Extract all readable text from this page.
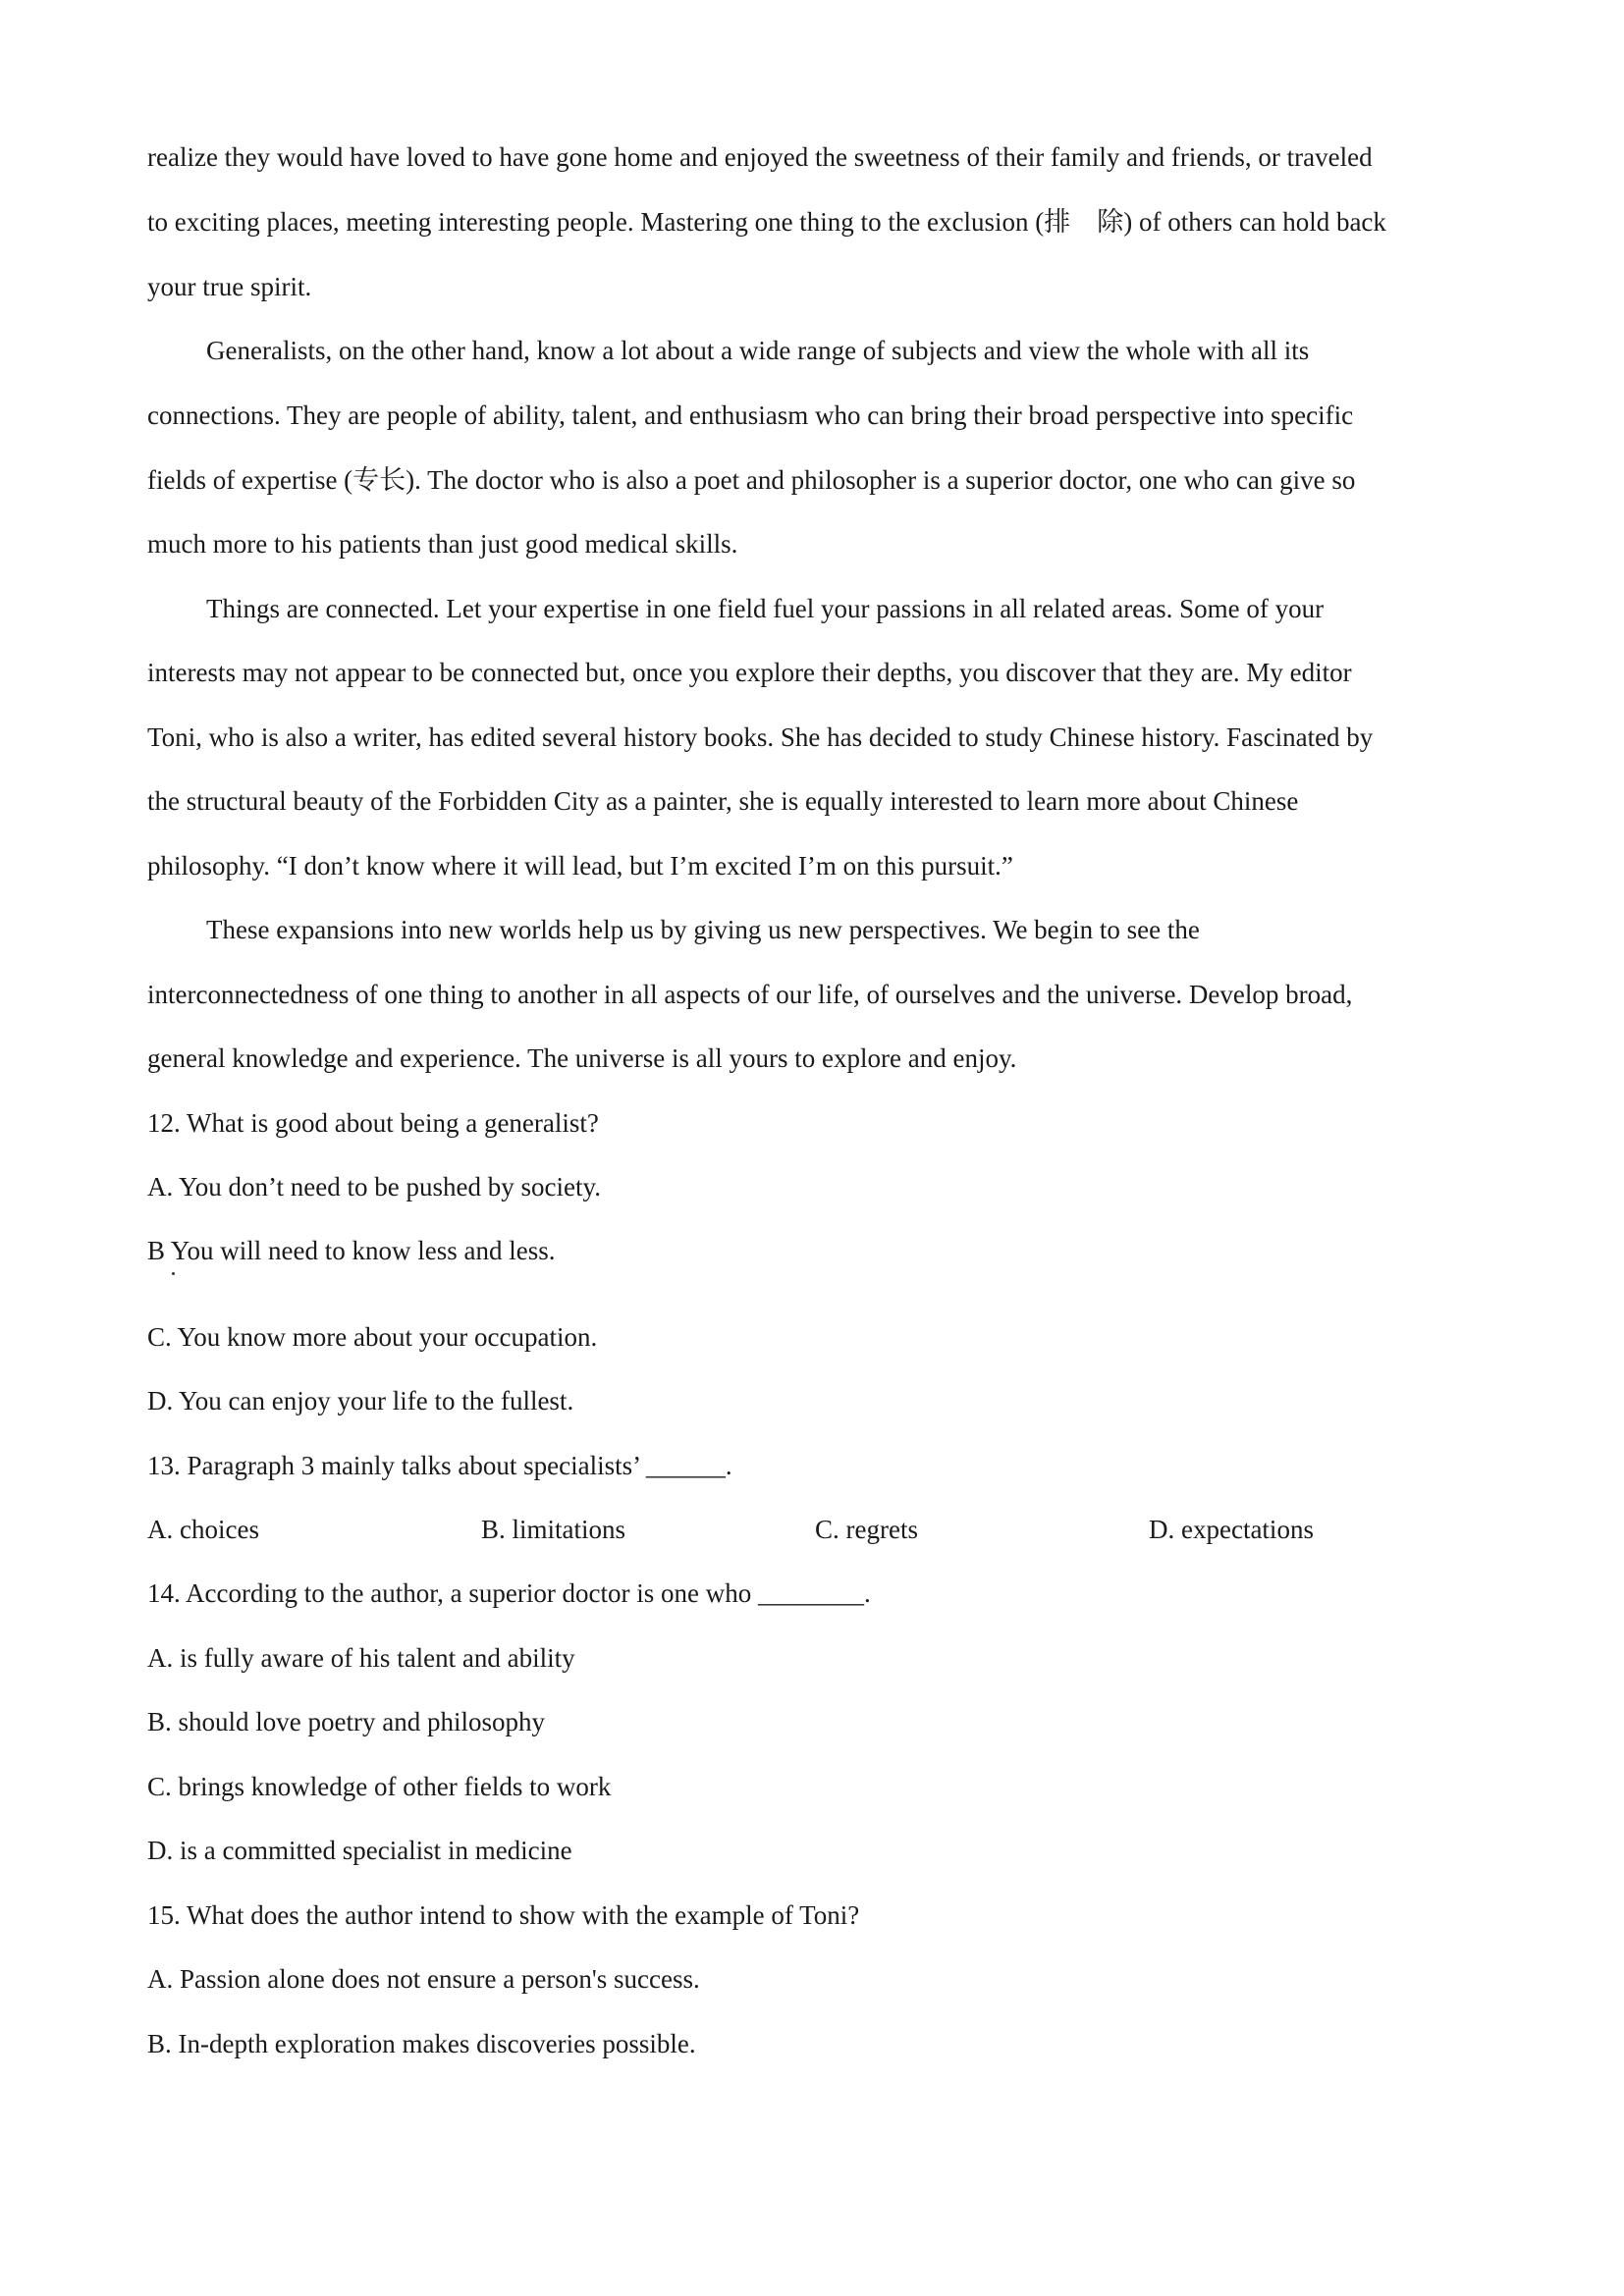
realize they would have loved to have gone home and enjoyed the sweetness of their family and friends, or traveled
to exciting places, meeting interesting people. Mastering one thing to the exclusion (排　除) of others can hold back
your true spirit.
Generalists, on the other hand, know a lot about a wide range of subjects and view the whole with all its
connections. They are people of ability, talent, and enthusiasm who can bring their broad perspective into specific
fields of expertise (专长). The doctor who is also a poet and philosopher is a superior doctor, one who can give so
much more to his patients than just good medical skills.
Things are connected. Let your expertise in one field fuel your passions in all related areas. Some of your
interests may not appear to be connected but, once you explore their depths, you discover that they are. My editor
Toni, who is also a writer, has edited several history books. She has decided to study Chinese history. Fascinated by
the structural beauty of the Forbidden City as a painter, she is equally interested to learn more about Chinese
philosophy. “I don’t know where it will lead, but I’m excited I’m on this pursuit.”
These expansions into new worlds help us by giving us new perspectives. We begin to see the
interconnectedness of one thing to another in all aspects of our life, of ourselves and the universe. Develop broad,
general knowledge and experience. The universe is all yours to explore and enjoy.
12. What is good about being a generalist?
A. You don’t need to be pushed by society.
B You will need to know less and less.
C. You know more about your occupation.
D. You can enjoy your life to the fullest.
13. Paragraph 3 mainly talks about specialists’ ______.
A. choices	B. limitations	C. regrets	D. expectations
14. According to the author, a superior doctor is one who ________.
A. is fully aware of his talent and ability
B. should love poetry and philosophy
C. brings knowledge of other fields to work
D. is a committed specialist in medicine
15. What does the author intend to show with the example of Toni?
A. Passion alone does not ensure a person's success.
B. In-depth exploration makes discoveries possible.
